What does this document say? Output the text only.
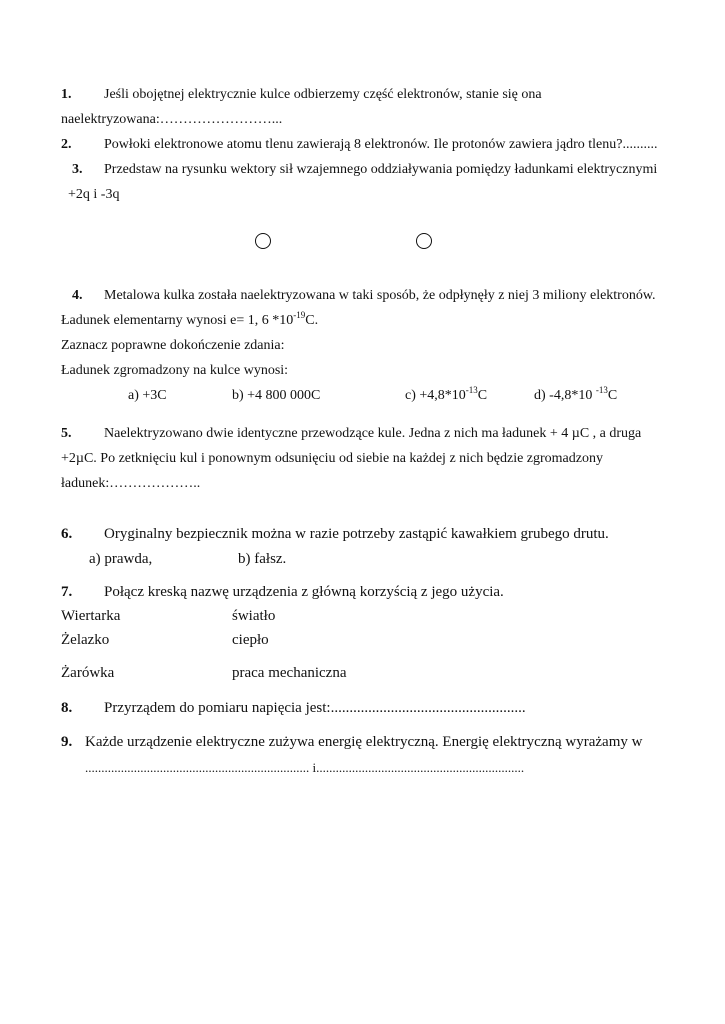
1. Jeśli obojętnej elektrycznie kulce odbierzemy część elektronów, stanie się ona
naelektryzowana:……………………...
2. Powłoki elektronowe atomu tlenu zawierają 8 elektronów. Ile protonów zawiera jądro tlenu?..........
3. Przedstaw na rysunku wektory sił wzajemnego oddziaływania pomiędzy ładunkami elektrycznymi
+2q i -3q
4. Metalowa kulka została naelektryzowana w taki sposób, że odpłynęły z niej 3 miliony elektronów.
Ładunek elementarny wynosi e= 1, 6 $*10^{-19}C$.
Zaznacz poprawne dokończenie zdania:
Ładunek zgromadzony na kulce wynosi:
a) +3C	b) +4 800 000C	$c) +4,8*10^{-13}C$	d) -4,8*10 $^{-13}$C
5. Naelektryzowano dwie identyczne przewodzące kule. Jedna z nich ma ładunek + 4 µC , a druga
+2µC. Po zetknięciu kul i ponownym odsunięciu od siebie na każdej z nich będzie zgromadzony
ładunek:………………..
6. Oryginalny bezpiecznik można w razie potrzeby zastąpić kawałkiem grubego drutu.
a) prawda,	b) fałsz.
7. Połącz kreską nazwę urządzenia z główną korzyścią z jego użycia.
Wiertarka	światło
Żelazko	ciepło
Żarówka	praca mechaniczna
8. Przyrządem do pomiaru napięcia jest:....................................................
9. Każde urządzenie elektryczne zużywa energię elektryczną. Energię elektryczną wyrażamy w
..................................................................... i................................................................
